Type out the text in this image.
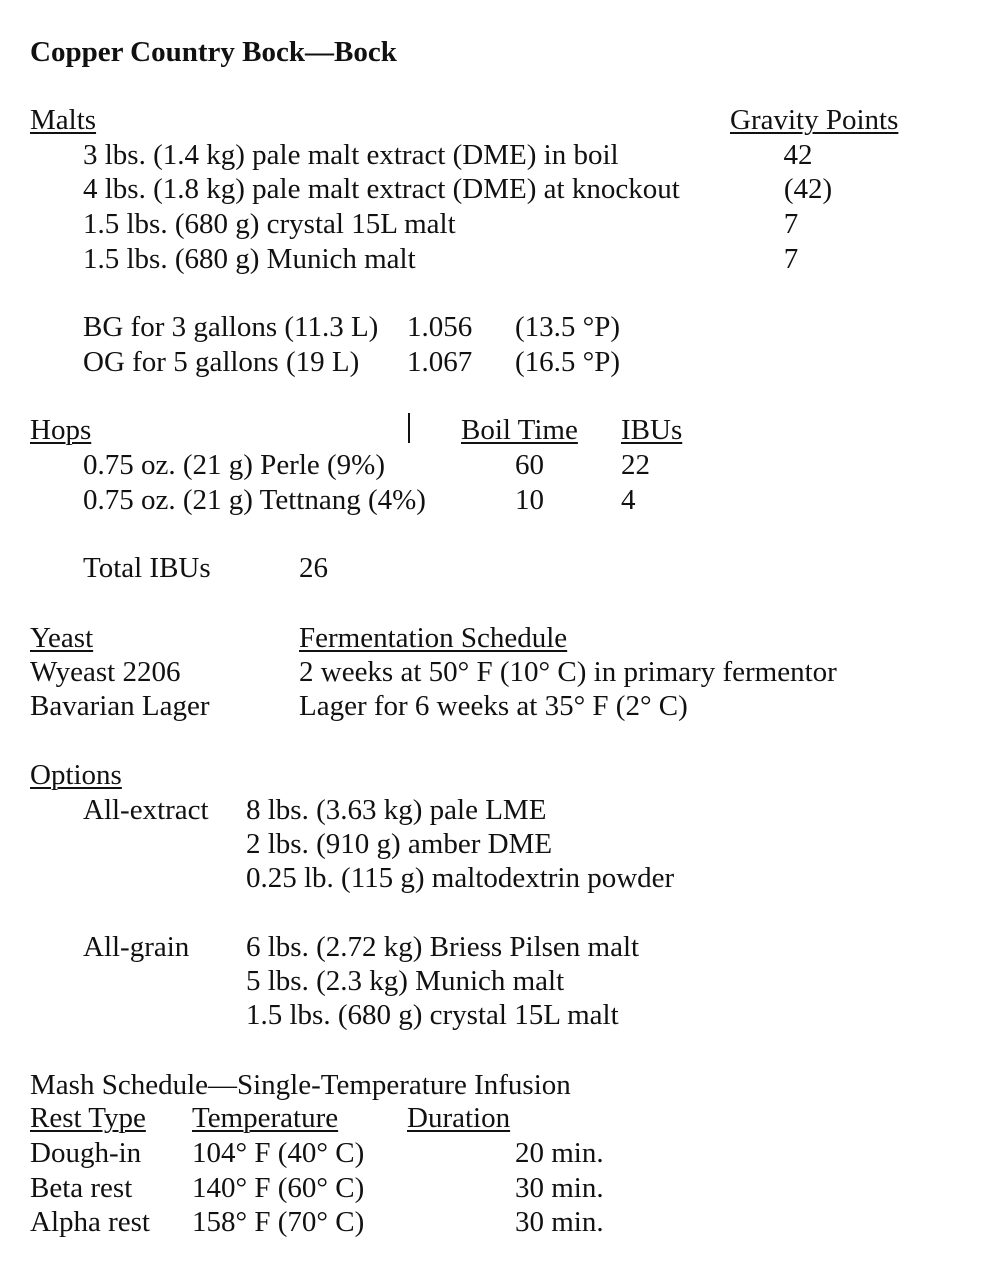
Copper Country Bock—Bock
Malts	Gravity Points
3 lbs. (1.4 kg) pale malt extract (DME) in boil	42
4 lbs. (1.8 kg) pale malt extract (DME) at knockout	(42)
1.5 lbs. (680 g) crystal 15L malt	7
1.5 lbs. (680 g) Munich malt	7
BG for 3 gallons (11.3 L) 1.056 (13.5 °P)
OG for 5 gallons (19 L) 1.067 (16.5 °P)
Hops	Boil Time IBUs
0.75 oz. (21 g) Perle (9%)	60	22
0.75 oz. (21 g) Tettnang (4%)	10	4
Total IBUs	26
Yeast	Fermentation Schedule
Wyeast 2206	2 weeks at 50° F (10° C) in primary fermentor
Bavarian Lager	Lager for 6 weeks at 35° F (2° C)
Options
All-extract 8 lbs. (3.63 kg) pale LME
2 lbs. (910 g) amber DME
0.25 lb. (115 g) maltodextrin powder
All-grain 6 lbs. (2.72 kg) Briess Pilsen malt
5 lbs. (2.3 kg) Munich malt
1.5 lbs. (680 g) crystal 15L malt
Mash Schedule—Single-Temperature Infusion
Rest Type Temperature Duration
Dough-in 104° F (40° C)	20 min.
Beta rest 140° F (60° C)	30 min.
Alpha rest 158° F (70° C)	30 min.
